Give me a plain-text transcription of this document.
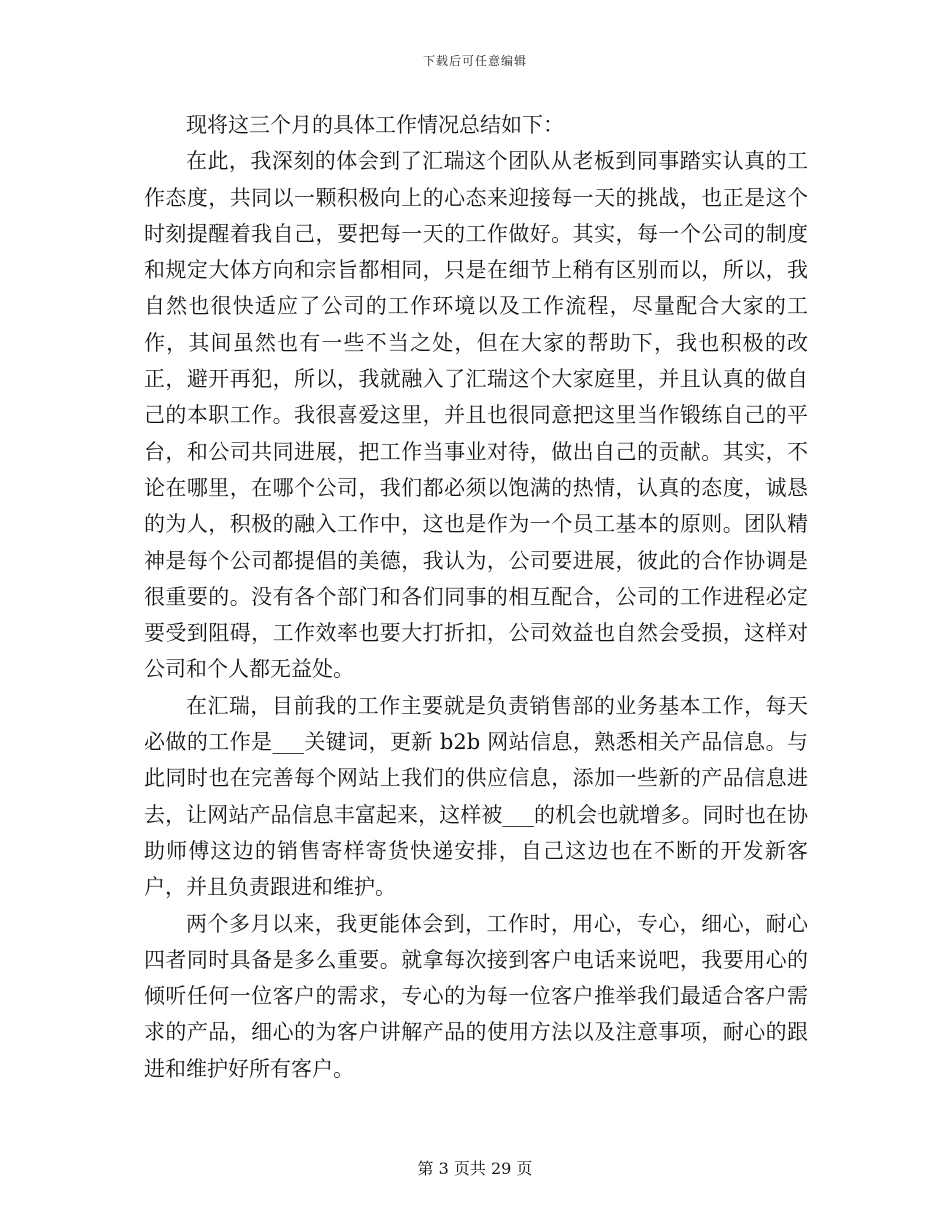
下载后可任意编辑

现将这三个月的具体工作情况总结如下：

在此，我深刻的体会到了汇瑞这个团队从老板到同事踏实认真的工作态度，共同以一颗积极向上的心态来迎接每一天的挑战，也正是这个时刻提醒着我自己，要把每一天的工作做好。其实，每一个公司的制度和规定大体方向和宗旨都相同，只是在细节上稍有区别而以，所以，我自然也很快适应了公司的工作环境以及工作流程，尽量配合大家的工作，其间虽然也有一些不当之处，但在大家的帮助下，我也积极的改正，避开再犯，所以，我就融入了汇瑞这个大家庭里，并且认真的做自己的本职工作。我很喜爱这里，并且也很同意把这里当作锻练自己的平台，和公司共同进展，把工作当事业对待，做出自己的贡献。其实，不论在哪里，在哪个公司，我们都必须以饱满的热情，认真的态度，诚恳的为人，积极的融入工作中，这也是作为一个员工基本的原则。团队精神是每个公司都提倡的美德，我认为，公司要进展，彼此的合作协调是很重要的。没有各个部门和各们同事的相互配合，公司的工作进程必定要受到阻碍，工作效率也要大打折扣，公司效益也自然会受损，这样对公司和个人都无益处。

在汇瑞，目前我的工作主要就是负责销售部的业务基本工作，每天必做的工作是___关键词，更新 b2b 网站信息，熟悉相关产品信息。与此同时也在完善每个网站上我们的供应信息，添加一些新的产品信息进去，让网站产品信息丰富起来，这样被___的机会也就增多。同时也在协助师傅这边的销售寄样寄货快递安排，自己这边也在不断的开发新客户，并且负责跟进和维护。

两个多月以来，我更能体会到，工作时，用心，专心，细心，耐心四者同时具备是多么重要。就拿每次接到客户电话来说吧，我要用心的倾听任何一位客户的需求，专心的为每一位客户推举我们最适合客户需求的产品，细心的为客户讲解产品的使用方法以及注意事项，耐心的跟进和维护好所有客户。

第 3 页共 29 页
